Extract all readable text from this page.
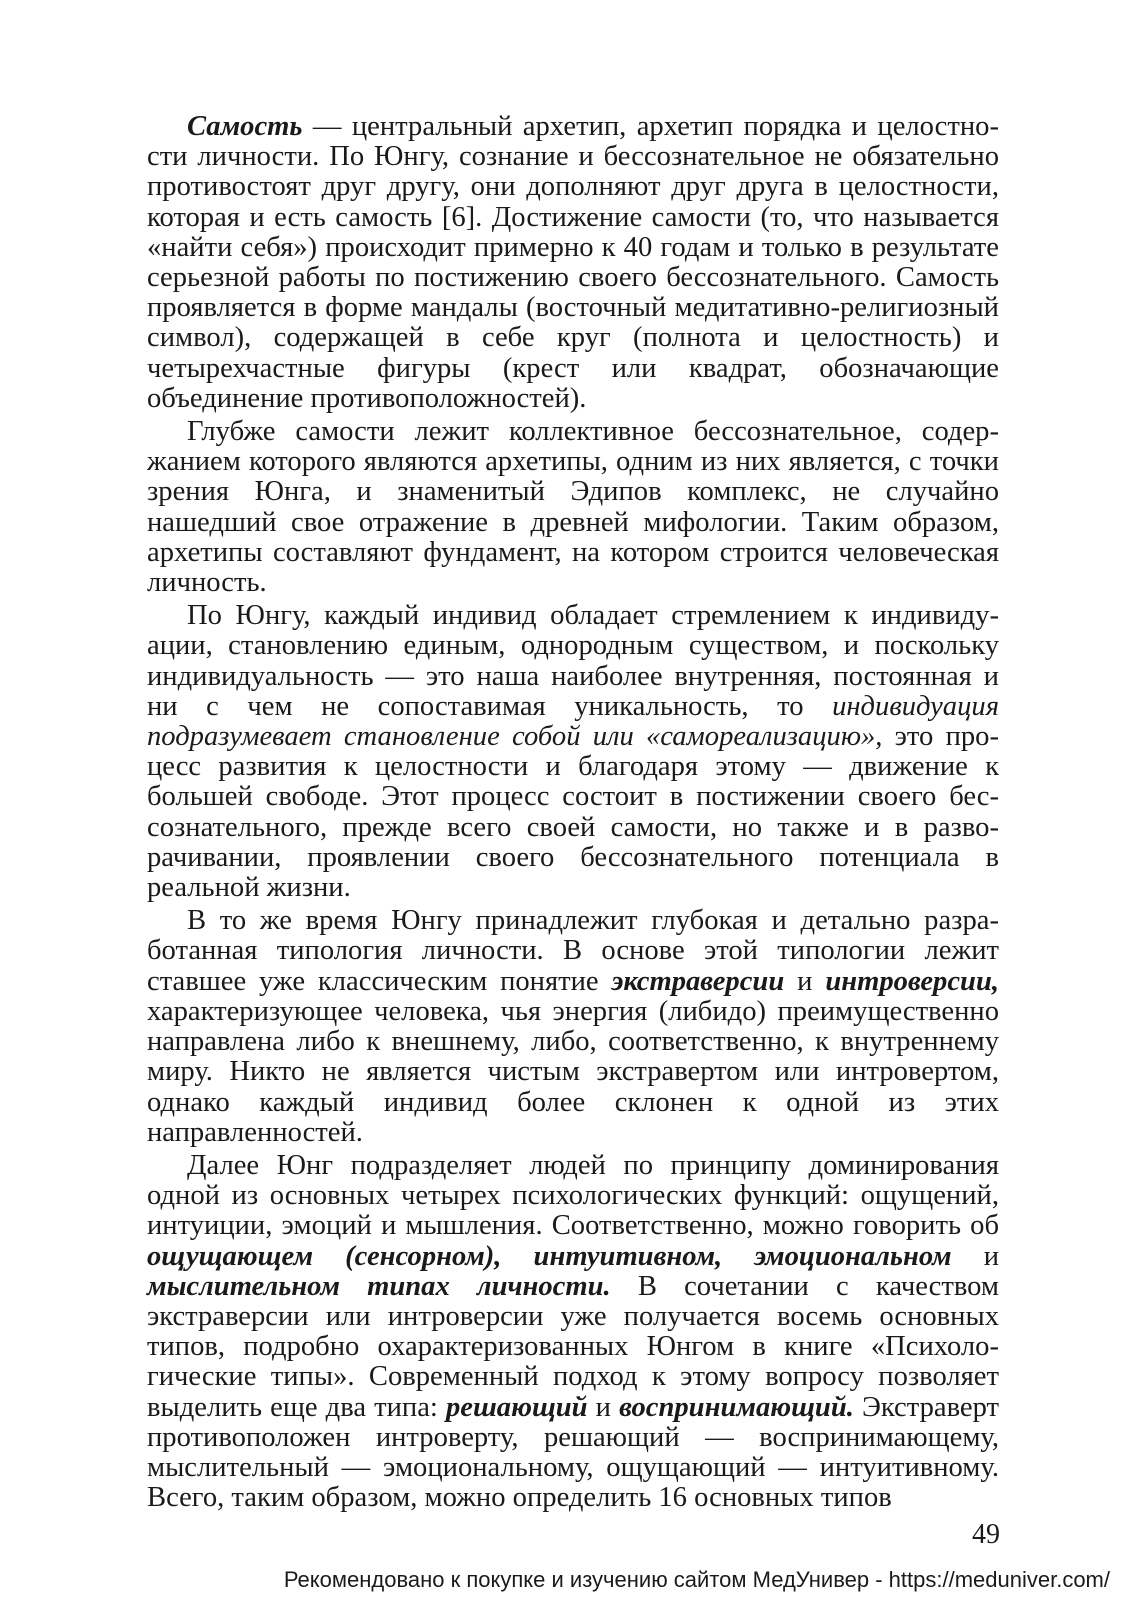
Самость — центральный архетип, архетип порядка и целостности личности. По Юнгу, сознание и бессознательное не обязательно противостоят друг другу, они дополняют друг друга в целостности, которая и есть самость [6]. Достижение самости (то, что называется «найти себя») происходит примерно к 40 годам и только в результате серьезной работы по постижению своего бессознательного. Самость проявляется в форме мандалы (восточный медитативно-религиозный символ), содержащей в себе круг (полнота и целостность) и четырехчастные фигуры (крест или квадрат, обозначающие объединение противоположностей).

Глубже самости лежит коллективное бессознательное, содержанием которого являются архетипы, одним из них является, с точки зрения Юнга, и знаменитый Эдипов комплекс, не случайно нашедший свое отражение в древней мифологии. Таким образом, архетипы составляют фундамент, на котором строится человеческая личность.

По Юнгу, каждый индивид обладает стремлением к индивидуации, становлению единым, однородным существом, и поскольку индивидуальность — это наша наиболее внутренняя, постоянная и ни с чем не сопоставимая уникальность, то индивидуация подразумевает становление собой или «самореализацию», это процесс развития к целостности и благодаря этому — движение к большей свободе. Этот процесс состоит в постижении своего бессознательного, прежде всего своей самости, но также и в разворачивании, проявлении своего бессознательного потенциала в реальной жизни.

В то же время Юнгу принадлежит глубокая и детально разработанная типология личности. В основе этой типологии лежит ставшее уже классическим понятие экстраверсии и интроверсии, характеризующее человека, чья энергия (либидо) преимущественно направлена либо к внешнему, либо, соответственно, к внутреннему миру. Никто не является чистым экстравертом или интровертом, однако каждый индивид более склонен к одной из этих направленностей.

Далее Юнг подразделяет людей по принципу доминирования одной из основных четырех психологических функций: ощущений, интуиции, эмоций и мышления. Соответственно, можно говорить об ощущающем (сенсорном), интуитивном, эмоциональном и мыслительном типах личности. В сочетании с качеством экстраверсии или интроверсии уже получается восемь основных типов, подробно охарактеризованных Юнгом в книге «Психологические типы». Современный подход к этому вопросу позволяет выделить еще два типа: решающий и воспринимающий. Экстраверт противоположен интроверту, решающий — воспринимающему, мыслительный — эмоциональному, ощущающий — интуитивному. Всего, таким образом, можно определить 16 основных типов

49
Рекомендовано к покупке и изучению сайтом МедУнивер - https://meduniver.com/
